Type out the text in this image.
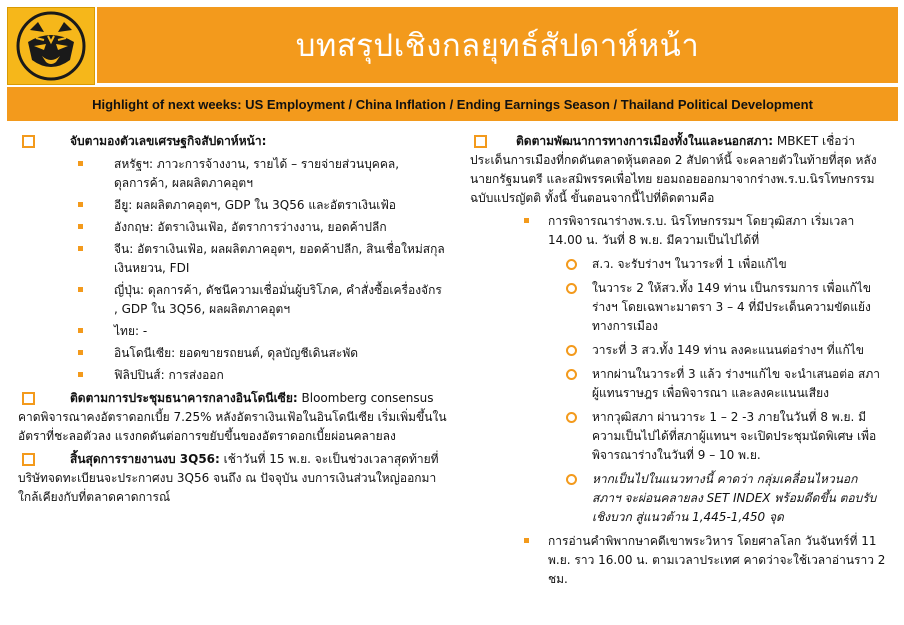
บทสรุปเชิงกลยุทธ์สัปดาห์หน้า
Highlight of next weeks: US Employment / China Inflation / Ending Earnings Season / Thailand Political Development
จับตามองตัวเลขเศรษฐกิจสัปดาห์หน้า:
สหรัฐฯ: ภาวะการจ้างงาน, รายได้ – รายจ่ายส่วนบุคคล, ดุลการค้า, ผลผลิตภาคอุตฯ
อียู: ผลผลิตภาคอุตฯ, GDP ใน 3Q56 และอัตราเงินเฟ้อ
อังกฤษ: อัตราเงินเฟ้อ, อัตราการว่างงาน, ยอดค้าปลีก
จีน: อัตราเงินเฟ้อ, ผลผลิตภาคอุตฯ, ยอดค้าปลีก, สินเชื่อใหม่สกุลเงินหยวน, FDI
ญี่ปุ่น: ดุลการค้า, ดัชนีความเชื่อมั่นผู้บริโภค, คำสั่งซื้อเครื่องจักร , GDP ใน 3Q56, ผลผลิตภาคอุตฯ
ไทย: -
อินโดนีเซีย: ยอดขายรถยนต์, ดุลบัญชีเดินสะพัด
ฟิลิปปินส์: การส่งออก
ติดตามการประชุมธนาคารกลางอินโดนีเซีย: Bloomberg consensus คาดพิจารณาคงอัตราดอกเบี้ย 7.25% หลังอัตราเงินเฟ้อในอินโดนีเซีย เริ่มเพิ่มขึ้นในอัตราที่ชะลอตัวลง แรงกดดันต่อการขยับขึ้นของอัตราดอกเบี้ยผ่อนคลายลง
สิ้นสุดการรายงานงบ 3Q56: เช้าวันที่ 15 พ.ย. จะเป็นช่วงเวลาสุดท้ายที่บริษัทจดทะเบียนจะประกาศงบ 3Q56 จนถึง ณ ปัจจุบัน งบการเงินส่วนใหญ่ออกมาใกล้เคียงกับที่ตลาดคาดการณ์
ติดตามพัฒนาการทางการเมืองทั้งในและนอกสภา: MBKET เชื่อว่าประเด็นการเมืองที่กดดันตลาดหุ้นตลอด 2 สัปดาห์นี้ จะคลายตัวในท้ายที่สุด หลัง นายกรัฐมนตรี และสมิพรรคเพื่อไทย ยอมถอยออกมาจากร่างพ.ร.บ.นิรโทษกรรม ฉบับแปรญัตติ ทั้งนี้ ขั้นตอนจากนี้ไปที่ติดตามคือ
การพิจารณาร่างพ.ร.บ. นิรโทษกรรมฯ โดยวุฒิสภา เริ่มเวลา 14.00 น. วันที่ 8 พ.ย. มีความเป็นไปได้ที่
ส.ว. จะรับร่างฯ ในวาระที่ 1 เพื่อแก้ไข
ในวาระ 2 ให้สว.ทั้ง 149 ท่าน เป็นกรรมการ เพื่อแก้ไขร่างฯ โดยเฉพาะมาตรา 3 – 4 ที่มีประเด็นความขัดแย้งทางการเมือง
วาระที่ 3 สว.ทั้ง 149 ท่าน ลงคะแนนต่อร่างฯ ที่แก้ไข
หากผ่านในวาระที่ 3 แล้ว ร่างฯแก้ไข จะนำเสนอต่อ สภาผู้แทนราษฎร เพื่อพิจารณา และลงคะแนนเสียง
หากวุฒิสภา ผ่านวาระ 1 – 2 -3 ภายในวันที่ 8 พ.ย. มีความเป็นไปได้ที่สภาผู้แทนฯ จะเปิดประชุมนัดพิเศษ เพื่อพิจารณาร่างในวันที่ 9 – 10 พ.ย.
หากเป็นไปในแนวทางนี้ คาดว่า กลุ่มเคลื่อนไหวนอกสภาฯ จะผ่อนคลายลง SET INDEX พร้อมดีดขึ้น ตอบรับเชิงบวก สู่แนวต้าน 1,445-1,450 จุด
การอ่านคำพิพากษาคดีเขาพระวิหาร โดยศาลโลก วันจันทร์ที่ 11 พ.ย. ราว 16.00 น. ตามเวลาประเทศ คาดว่าจะใช้เวลาอ่านราว 2 ชม.
